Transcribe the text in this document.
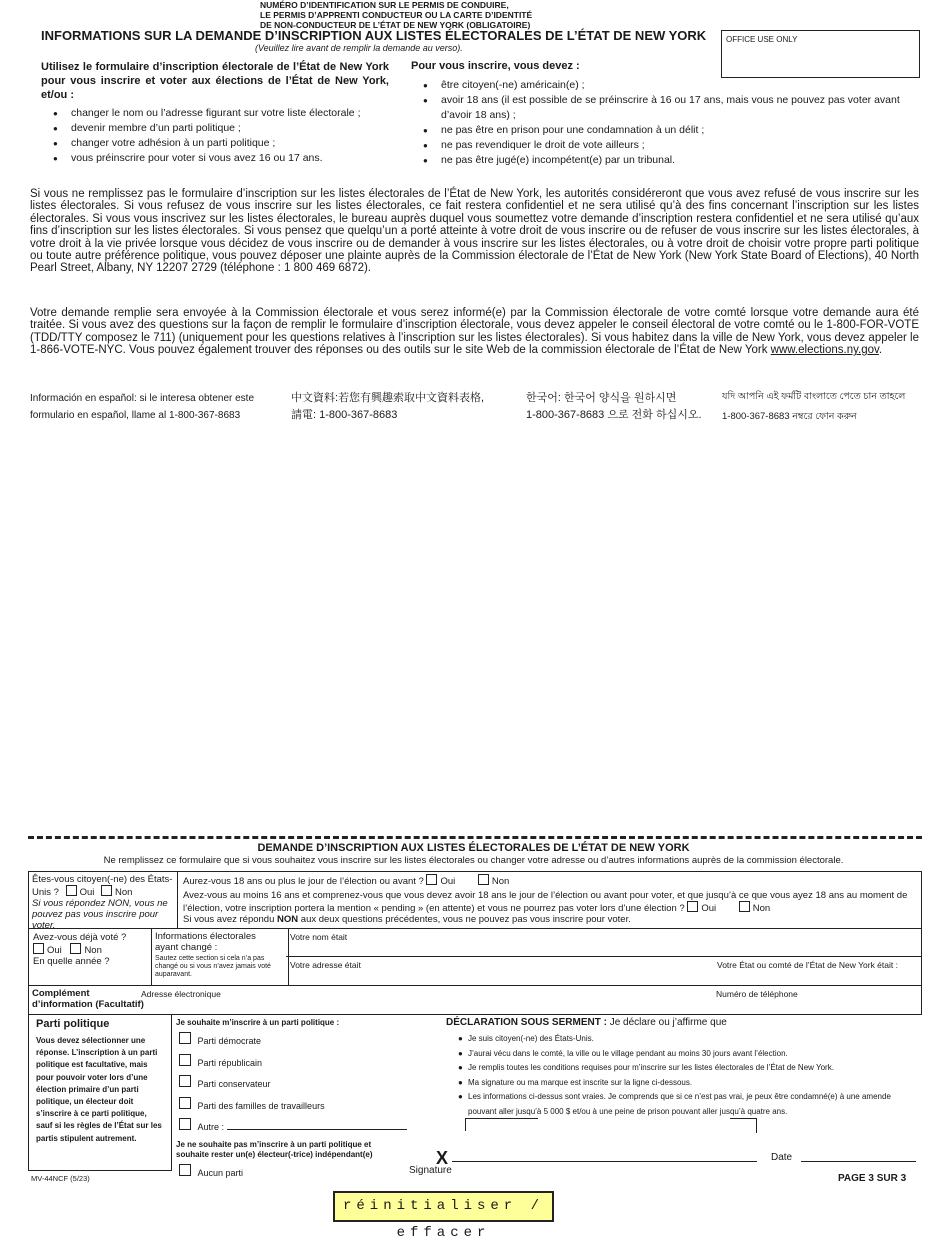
NUMÉRO D’IDENTIFICATION SUR LE PERMIS DE CONDUIRE,
LE PERMIS D’APPRENTI CONDUCTEUR OU LA CARTE D’IDENTITÉ
DE NON-CONDUCTEUR DE L’ÉTAT DE NEW YORK (OBLIGATOIRE)
INFORMATIONS SUR LA DEMANDE D’INSCRIPTION AUX LISTES ÉLECTORALES DE L’ÉTAT DE NEW YORK
(Veuillez lire avant de remplir la demande au verso).
OFFICE USE ONLY
Utilisez le formulaire d’inscription électorale de l’État de New York pour vous inscrire et voter aux élections de l’État de New York, et/ou :
● changer le nom ou l’adresse figurant sur votre liste électorale ;
● devenir membre d’un parti politique ;
● changer votre adhésion à un parti politique ;
● vous préinscrire pour voter si vous avez 16 ou 17 ans.
Pour vous inscrire, vous devez :
● être citoyen(-ne) américain(e) ;
● avoir 18 ans (il est possible de se préinscrire à 16 ou 17 ans, mais vous ne pouvez pas voter avant d’avoir 18 ans) ;
● ne pas être en prison pour une condamnation à un délit ;
● ne pas revendiquer le droit de vote ailleurs ;
● ne pas être jugé(e) incompétent(e) par un tribunal.
Si vous ne remplissez pas le formulaire d’inscription sur les listes électorales de l’État de New York, les autorités considéreront que vous avez refusé de vous inscrire sur les listes électorales. Si vous refusez de vous inscrire sur les listes électorales, ce fait restera confidentiel et ne sera utilisé qu’à des fins concernant l’inscription sur les listes électorales. Si vous vous inscrivez sur les listes électorales, le bureau auprès duquel vous soumettez votre demande d’inscription restera confidentiel et ne sera utilisé qu’aux fins d’inscription sur les listes électorales. Si vous pensez que quelqu’un a porté atteinte à votre droit de vous inscrire ou de refuser de vous inscrire sur les listes électorales, à votre droit à la vie privée lorsque vous décidez de vous inscrire ou de demander à vous inscrire sur les listes électorales, ou à votre droit de choisir votre propre parti politique ou toute autre préférence politique, vous pouvez déposer une plainte auprès de la Commission électorale de l’État de New York (New York State Board of Elections), 40 North Pearl Street, Albany, NY 12207 2729 (téléphone : 1 800 469 6872).
Votre demande remplie sera envoyée à la Commission électorale et vous serez informé(e) par la Commission électorale de votre comté lorsque votre demande aura été traitée. Si vous avez des questions sur la façon de remplir le formulaire d’inscription électorale, vous devez appeler le conseil électoral de votre comté ou le 1-800-FOR-VOTE (TDD/TTY composez le 711) (uniquement pour les questions relatives à l’inscription sur les listes électorales). Si vous habitez dans la ville de New York, vous devez appeler le 1-866-VOTE-NYC. Vous pouvez également trouver des réponses ou des outils sur le site Web de la commission électorale de l’État de New York www.elections.ny.gov.
Información en español: si le interesa obtener este
formulario en español, llame al 1-800-367-8683
中文資料:若您有興趣索取中文資料表格,
請電: 1-800-367-8683
한국어: 한국어 양식을 원하시면
1-800-367-8683 으로 전화 하십시오.
যদি আপনি এই ফর্মটি বাংলাতে পেতে চান তাহলে
1-800-367-8683 নম্বরে ফোন করুন
DEMANDE D’INSCRIPTION AUX LISTES ÉLECTORALES DE L’ÉTAT DE NEW YORK
Ne remplissez ce formulaire que si vous souhaitez vous inscrire sur les listes électorales ou changer votre adresse ou d’autres informations auprès de la commission électorale.
Êtes-vous citoyen(-ne) des États-Unis ? Oui Non
Si vous répondez NON, vous ne pouvez pas vous inscrire pour voter.
Aurez-vous 18 ans ou plus le jour de l’élection ou avant ? Oui	Non
Avez-vous au moins 16 ans et comprenez-vous que vous devez avoir 18 ans le jour de l’élection ou avant pour voter, et que jusqu’à ce que vous ayez 18 ans au moment de l’élection, votre inscription portera la mention « pending » (en attente) et vous ne pourrez pas voter lors d’une élection ? Oui	Non
Si vous avez répondu NON aux deux questions précédentes, vous ne pouvez pas vous inscrire pour voter.
Avez-vous déjà voté ?
Oui Non
En quelle année ?
Informations électorales ayant changé :
Sautez cette section si cela n’a pas changé ou si vous n’avez jamais voté auparavant.
Votre nom était
Votre adresse était	Votre État ou comté de l’État de New York était :
Complément d’information (Facultatif)
Adresse électronique	Numéro de téléphone
Parti politique
Vous devez sélectionner une réponse. L’inscription à un parti politique est facultative, mais pour pouvoir voter lors d’une élection primaire d’un parti politique, un électeur doit s’inscrire à ce parti politique, sauf si les règles de l’État sur les partis stipulent autrement.
Je souhaite m’inscrire à un parti politique :
Parti démocrate
Parti républicain
Parti conservateur
Parti des familles de travailleurs
Autre :
Je ne souhaite pas m’inscrire à un parti politique et souhaite rester un(e) électeur(-trice) indépendant(e)
Aucun parti
DÉCLARATION SOUS SERMENT : Je déclare ou j’affirme que
● Je suis citoyen(-ne) des États-Unis.
● J’aurai vécu dans le comté, la ville ou le village pendant au moins 30 jours avant l’élection.
● Je remplis toutes les conditions requises pour m’inscrire sur les listes électorales de l’État de New York.
● Ma signature ou ma marque est inscrite sur la ligne ci-dessous.
● Les informations ci-dessus sont vraies. Je comprends que si ce n’est pas vrai, je peux être condamné(e) à une amende pouvant aller jusqu’à 5 000 $ et/ou à une peine de prison pouvant aller jusqu’à quatre ans.
X
Signature
Date
PAGE 3 SUR 3
MV-44NCF (5/23)
réinitialiser / effacer
